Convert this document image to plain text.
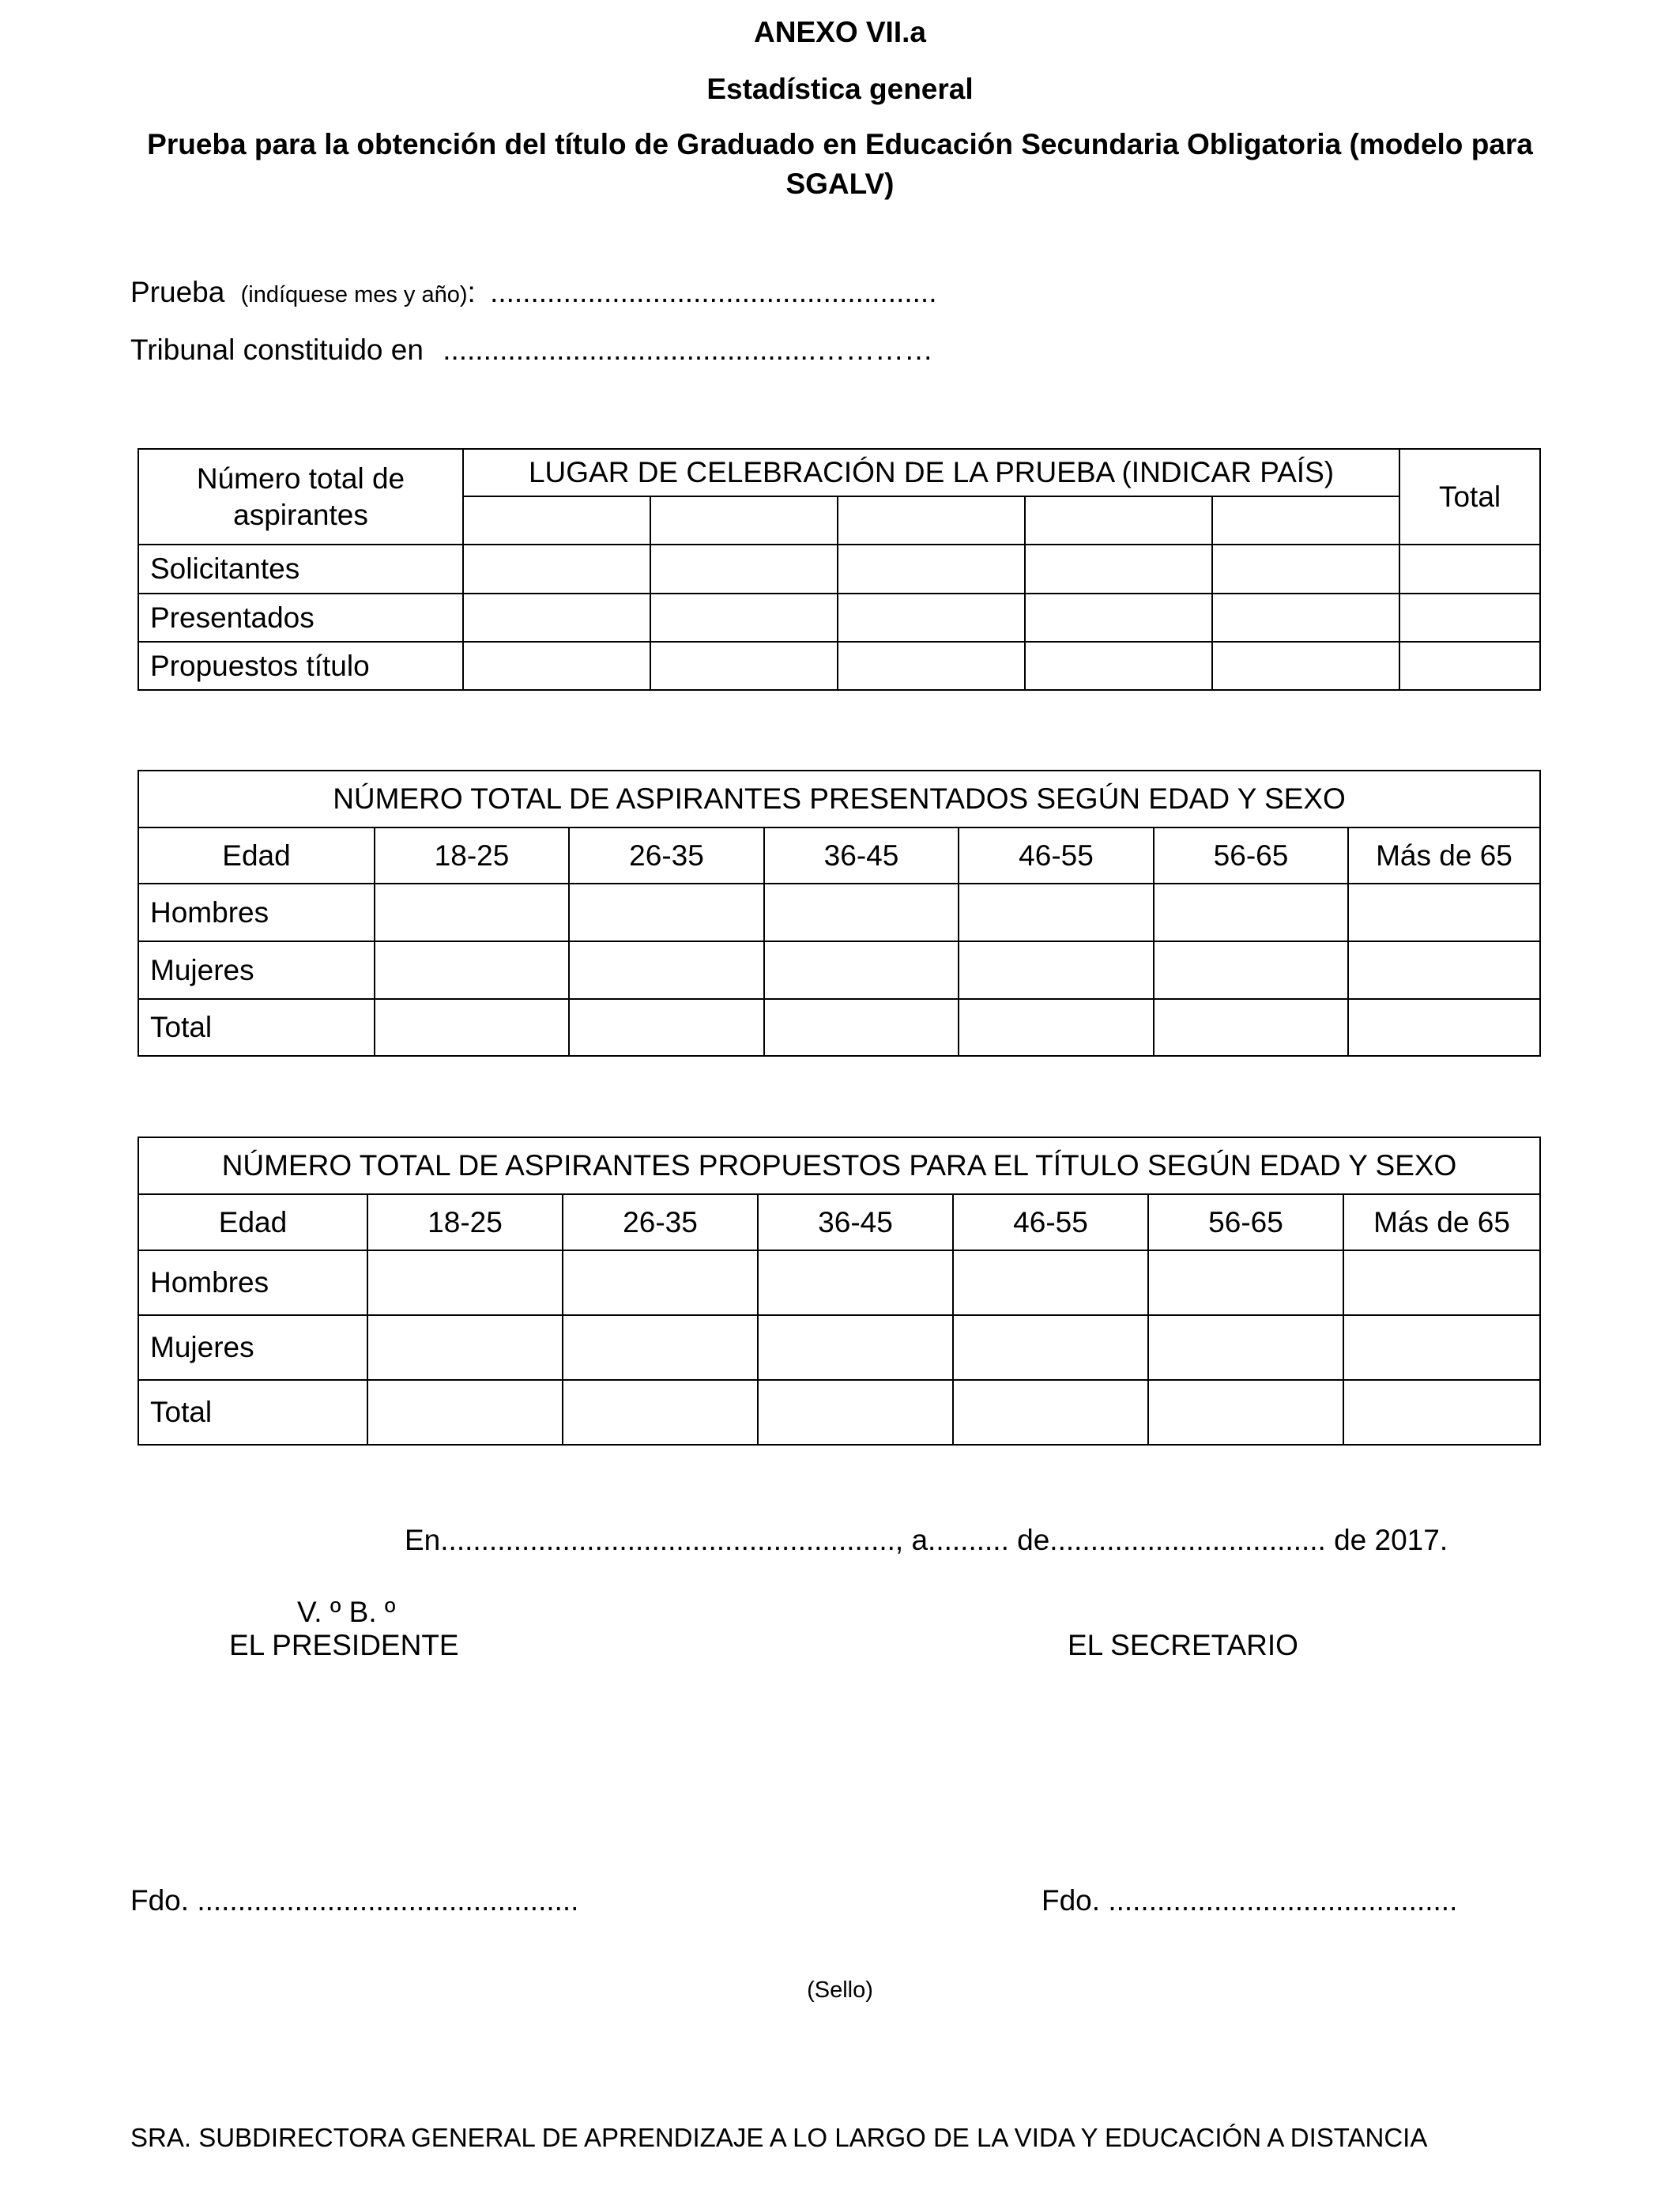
ANEXO VII.a
Estadística general
Prueba para la obtención del título de Graduado en Educación Secundaria Obligatoria (modelo para SGALV)
Prueba (indíquese mes y año): .......................................................
Tribunal constituido en ..............................................…………
Número total de aspirantes	LUGAR DE CELEBRACIÓN DE LA PRUEBA (INDICAR PAÍS)					Total

Solicitantes						
Presentados						
Propuestos título						
NÚMERO TOTAL DE ASPIRANTES PRESENTADOS SEGÚN EDAD Y SEXO						
Edad	18-25	26-35	36-45	46-55	56-65	Más de 65
Hombres						
Mujeres						
Total						
NÚMERO TOTAL DE ASPIRANTES PROPUESTOS PARA EL TÍTULO SEGÚN EDAD Y SEXO						
Edad	18-25	26-35	36-45	46-55	56-65	Más de 65
Hombres						
Mujeres						
Total						
En........................................................, a.......... de.................................. de 2017.
V. º B. º
EL PRESIDENTE	EL SECRETARIO
Fdo. ...............................................	Fdo. ...........................................
(Sello)
SRA. SUBDIRECTORA GENERAL DE APRENDIZAJE A LO LARGO DE LA VIDA Y EDUCACIÓN A DISTANCIA
